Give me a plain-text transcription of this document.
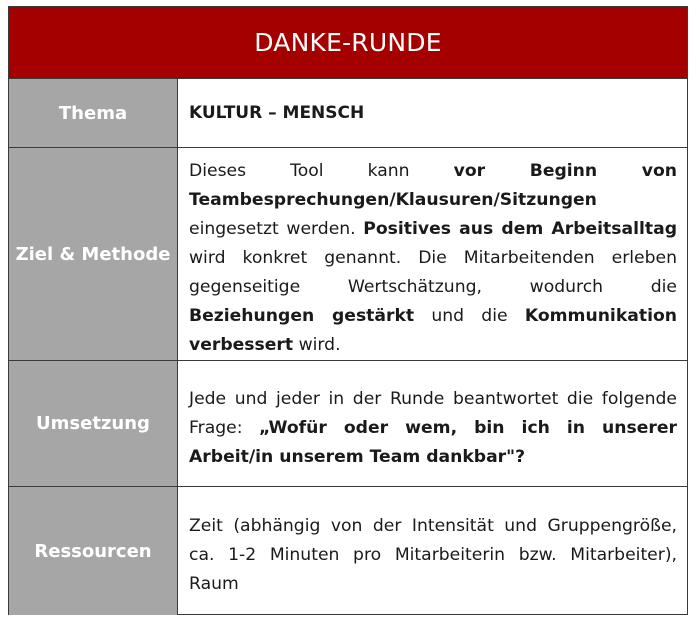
DANKE-RUNDE
Thema	KULTUR – MENSCH

Ziel & Methode

Dieses Tool kann vor Beginn von Teambesprechungen/Klausuren/Sitzungen eingesetzt werden. Positives aus dem Arbeitsalltag wird konkret genannt. Die Mitarbeitenden erleben gegenseitige Wertschätzung, wodurch die Beziehungen gestärkt und die Kommunikation verbessert wird.

Umsetzung

Jede und jeder in der Runde beantwortet die folgende Frage: „Wofür oder wem, bin ich in unserer Arbeit/in unserem Team dankbar"?

Ressourcen

Zeit (abhängig von der Intensität und Gruppengröße, ca. 1-2 Minuten pro Mitarbeiterin bzw. Mitarbeiter), Raum
